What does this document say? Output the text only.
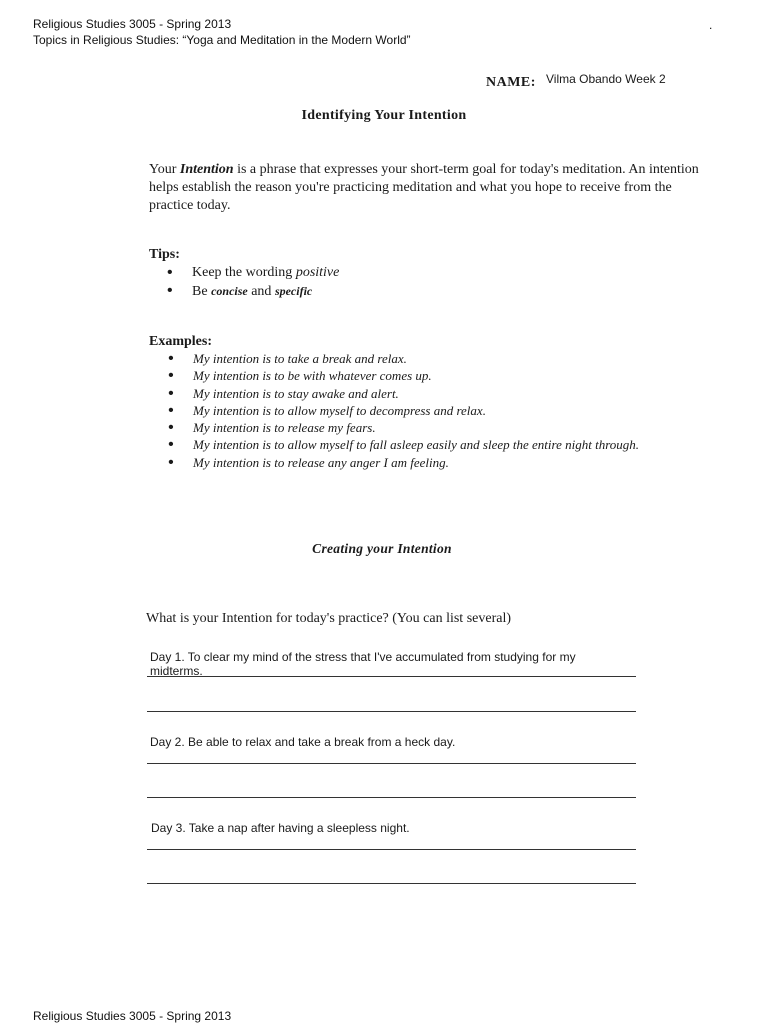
Religious Studies 3005 - Spring 2013
Topics in Religious Studies: “Yoga and Meditation in the Modern World”
.
NAME: Vilma Obando Week 2
Identifying Your Intention
Your Intention is a phrase that expresses your short-term goal for today's meditation. An intention helps establish the reason you're practicing meditation and what you hope to receive from the practice today.
Tips:
• Keep the wording positive
• Be concise and specific
Examples:
• My intention is to take a break and relax.
• My intention is to be with whatever comes up.
• My intention is to stay awake and alert.
• My intention is to allow myself to decompress and relax.
• My intention is to release my fears.
• My intention is to allow myself to fall asleep easily and sleep the entire night through.
• My intention is to release any anger I am feeling.
Creating your Intention
What is your Intention for today's practice? (You can list several)
Day 1. To clear my mind of the stress that I've accumulated from studying for my
midterms.
Day 2. Be able to relax and take a break from a heck day.
Day 3. Take a nap after having a sleepless night.
Religious Studies 3005 - Spring 2013
